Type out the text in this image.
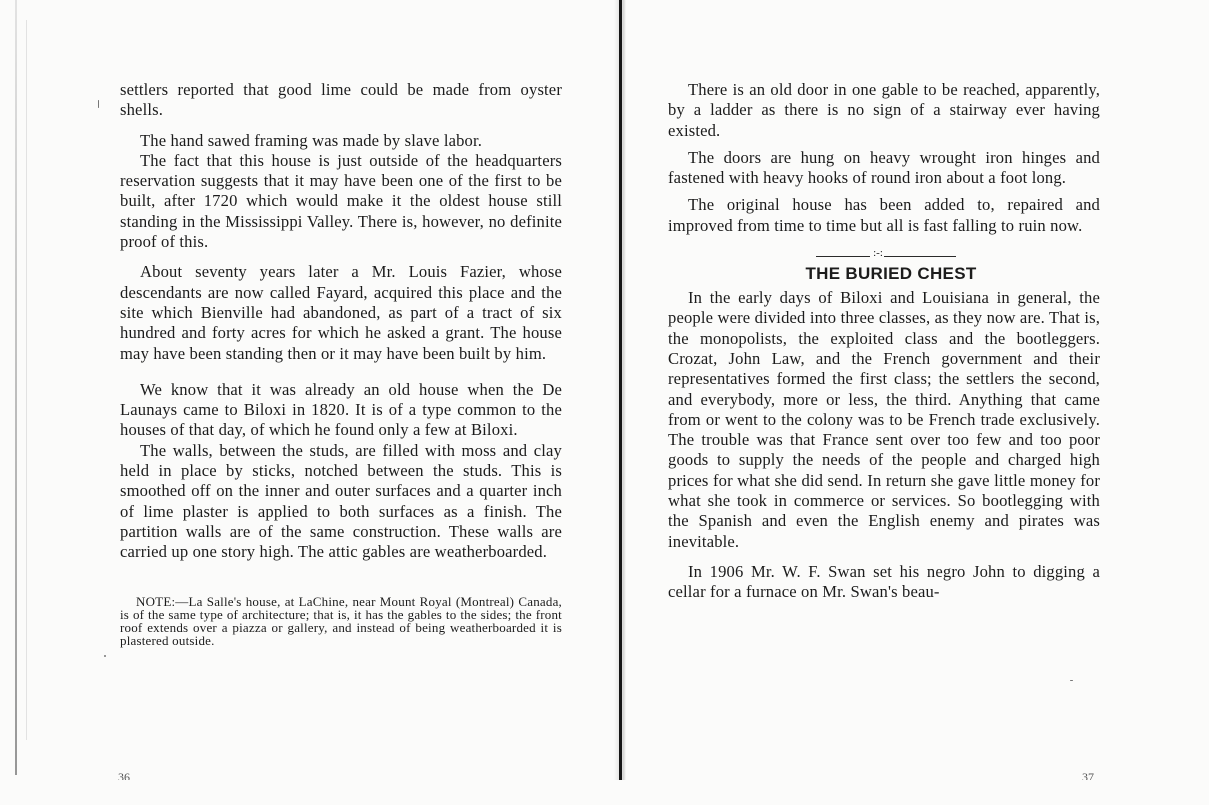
settlers reported that good lime could be made from oyster shells.

The hand sawed framing was made by slave labor.

The fact that this house is just outside of the headquarters reservation suggests that it may have been one of the first to be built, after 1720 which would make it the oldest house still standing in the Mississippi Valley. There is, however, no definite proof of this.

About seventy years later a Mr. Louis Fazier, whose descendants are now called Fayard, acquired this place and the site which Bienville had abandoned, as part of a tract of six hundred and forty acres for which he asked a grant. The house may have been standing then or it may have been built by him.

We know that it was already an old house when the De Launays came to Biloxi in 1820. It is of a type common to the houses of that day, of which he found only a few at Biloxi.

The walls, between the studs, are filled with moss and clay held in place by sticks, notched between the studs. This is smoothed off on the inner and outer surfaces and a quarter inch of lime plaster is applied to both surfaces as a finish. The partition walls are of the same construction. These walls are carried up one story high. The attic gables are weatherboarded.

NOTE:—La Salle's house, at LaChine, near Mount Royal (Montreal) Canada, is of the same type of architecture; that is, it has the gables to the sides; the front roof extends over a piazza or gallery, and instead of being weatherboarded it is plastered outside.

36

There is an old door in one gable to be reached, apparently, by a ladder as there is no sign of a stairway ever having existed.

The doors are hung on heavy wrought iron hinges and fastened with heavy hooks of round iron about a foot long.

The original house has been added to, repaired and improved from time to time but all is fast falling to ruin now.

:-:
THE BURIED CHEST

In the early days of Biloxi and Louisiana in general, the people were divided into three classes, as they now are. That is, the monopolists, the exploited class and the bootleggers. Crozat, John Law, and the French government and their representatives formed the first class; the settlers the second, and everybody, more or less, the third. Anything that came from or went to the colony was to be French trade exclusively. The trouble was that France sent over too few and too poor goods to supply the needs of the people and charged high prices for what she did send. In return she gave little money for what she took in commerce or services. So bootlegging with the Spanish and even the English enemy and pirates was inevitable.

In 1906 Mr. W. F. Swan set his negro John to digging a cellar for a furnace on Mr. Swan's beau-

37
